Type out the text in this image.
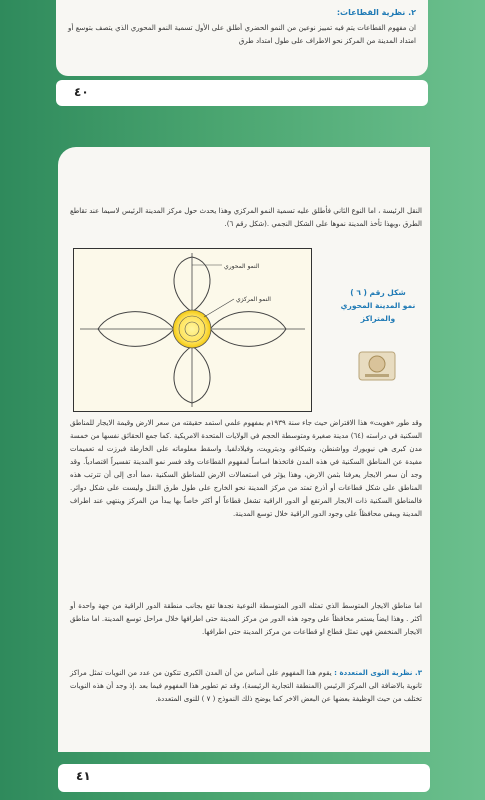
٢. نظرية القطاعات:
ان مفهوم القطاعات يتم فيه تمييز نوعين من النمو الحضري أطلق على الأول تسمية النمو المحوري الذي يتصف بتوسع أو امتداد المدينة من المركز نحو الاطراف على طول امتداد طرق
٤٠
النقل الرئيسة ، اما النوع الثاني فأطلق عليه تسمية النمو المركزي وهذا يحدث حول مركز المدينة الرئيس لاسيما عند تقاطع الطرق ،وبهذا تأخذ المدينة نموها على الشكل النجمي .(شكل رقم ٦).
النمو المحوري
النمو المركزي
شكل رقم ( ٦ )
نمو المدينة المحوري والمتراكز
وقد طور «هويت» هذا الافتراض حيث جاء سنة ١٩٣٩م بمفهوم علمي استمد حقيقته من سعر الارض وقيمة الايجار للمناطق السكنية في دراسته (٦٤) مدينة صغيرة ومتوسطة الحجم في الولايات المتحدة الامريكية .كما جمع الحقائق نفسها من خمسة مدن كبرى هي نيويورك وواشنطن، وشيكاغو، وديترويت، وفيلادلفيا. واسقط معلوماته على الخارطة فبرزت له تعميمات مفيدة عن المناطق السكنية في هذه المدن فاتخذها اساساً لمفهوم القطاعات وقد فسر نمو المدينة تفسيراً اقتصادياً. وقد وجد أن سعر الايجار يعرفنا بثمن الارض، وهذا يؤثر في استعمالات الارض للمناطق السكنية ،مما أدى إلى أن تترتب هذه المناطق على شكل قطاعات أو أذرع تمتد من مركز المدينة نحو الخارج على طول طرق النقل وليست على شكل دوائر. فالمناطق السكنية ذات الايجار المرتفع أو الدور الراقية تشغل قطاعاً أو أكثر خاصاً بها يبدأ من المركز وينتهي عند اطراف المدينة ويبقى محافظاً على وجود الدور الراقية خلال توسع المدينة.
اما مناطق الايجار المتوسط الذي تمثله الدور المتوسطة النوعية نجدها تقع بجانب منطقة الدور الراقية من جهة واحدة أو أكثر . وهذا ايضاً يستمر محافظاً على وجود هذه الدور من مركز المدينة حتى اطرافها خلال مراحل توسع المدينة. اما مناطق الايجار المنخفض فهي تمثل قطاع او قطاعات من مركز المدينة حتى اطرافها.
٣. نظرية النوى المتعددة : يقوم هذا المفهوم على أساس من أن المدن الكبرى تتكون من عدد من النويات تمثل مراكز ثانوية بالاضافة الى المركز الرئيس (المنطقة التجارية الرئيسة)، وقد تم تطوير هذا المفهوم فيما بعد ،إذ وجد أن هذه النويات تختلف من حيث الوظيفة بعضها عن البعض الاخر كما يوضح ذلك النموذج ( ٧ ) للنوى المتعددة.
٤١
